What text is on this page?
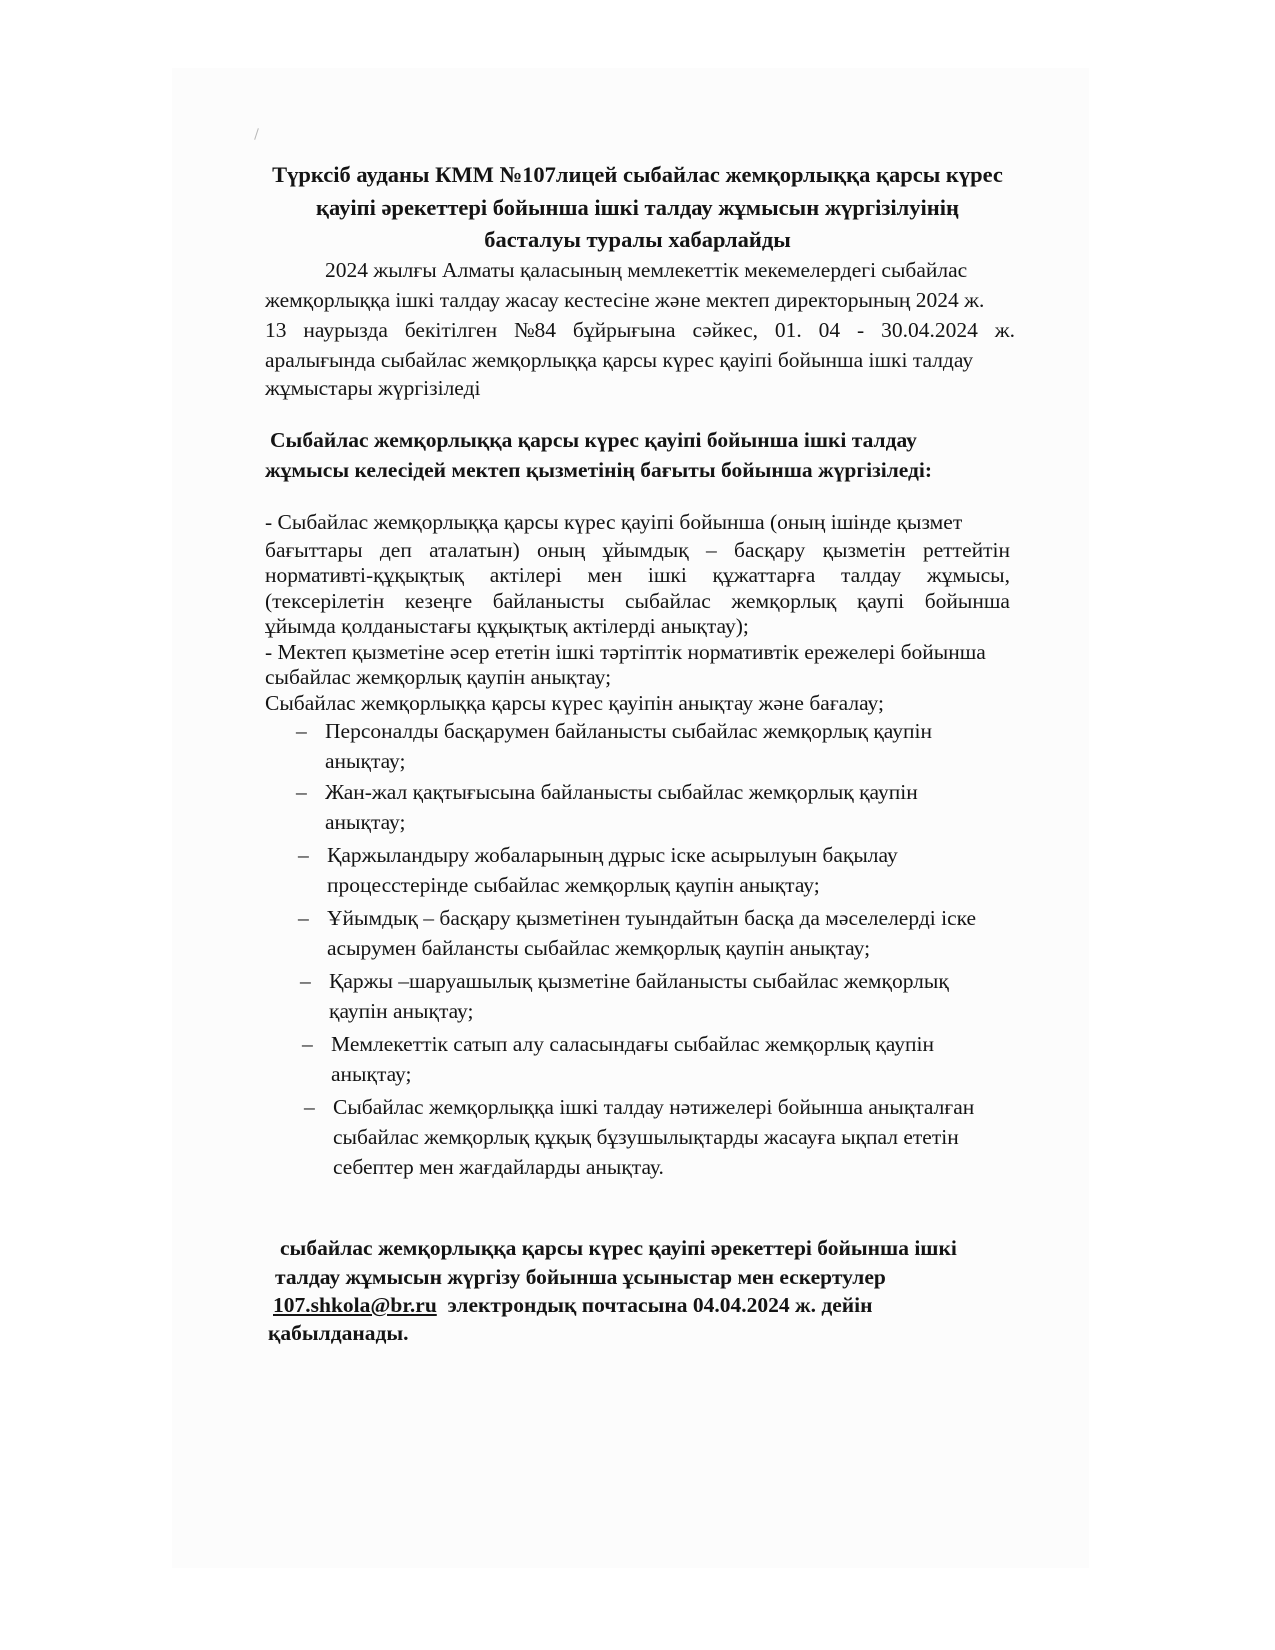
Түрксіб ауданы КММ №107лицей сыбайлас жемқорлыққа қарсы күрес
қауіпі әрекеттері бойынша ішкі талдау жұмысын жүргізілуінің
басталуы туралы хабарлайды
2024 жылғы Алматы қаласының мемлекеттік мекемелердегі сыбайлас
жемқорлыққа ішкі талдау жасау кестесіне және мектеп директорының 2024 ж.
13 наурызда бекітілген №84 бұйрығына сәйкес, 01. 04 - 30.04.2024 ж.
аралығында сыбайлас жемқорлыққа қарсы күрес қауіпі бойынша ішкі талдау
жұмыстары жүргізіледі
Сыбайлас жемқорлыққа қарсы күрес қауіпі бойынша ішкі талдау
жұмысы келесідей мектеп қызметінің бағыты бойынша жүргізіледі:
- Сыбайлас жемқорлыққа қарсы күрес қауіпі бойынша (оның ішінде қызмет
бағыттары деп аталатын) оның ұйымдық – басқару қызметін реттейтін
нормативті-құқықтық актілері мен ішкі құжаттарға талдау жұмысы,
(тексерілетін кезеңге байланысты сыбайлас жемқорлық қаупі бойынша
ұйымда қолданыстағы құқықтық актілерді анықтау);
- Мектеп қызметіне әсер ететін ішкі тәртіптік нормативтік ережелері бойынша
сыбайлас жемқорлық қаупін анықтау;
Сыбайлас жемқорлыққа қарсы күрес қауіпін анықтау және бағалау;
– Персоналды басқарумен байланысты сыбайлас жемқорлық қаупін
анықтау;
– Жан-жал қақтығысына байланысты сыбайлас жемқорлық қаупін
анықтау;
– Қаржыландыру жобаларының дұрыс іске асырылуын бақылау
процесстерінде сыбайлас жемқорлық қаупін анықтау;
– Ұйымдық – басқару қызметінен туындайтын басқа да мәселелерді іске
асырумен байлансты сыбайлас жемқорлық қаупін анықтау;
– Қаржы –шаруашылық қызметіне байланысты сыбайлас жемқорлық
қаупін анықтау;
– Мемлекеттік сатып алу саласындағы сыбайлас жемқорлық қаупін
анықтау;
– Сыбайлас жемқорлыққа ішкі талдау нәтижелері бойынша анықталған
сыбайлас жемқорлық құқық бұзушылықтарды жасауға ықпал ететін
себептер мен жағдайларды анықтау.
сыбайлас жемқорлыққа қарсы күрес қауіпі әрекеттері бойынша ішкі
талдау жұмысын жүргізу бойынша ұсыныстар мен ескертулер
107.shkola@br.ru электрондық почтасына 04.04.2024 ж. дейін
қабылданады.
